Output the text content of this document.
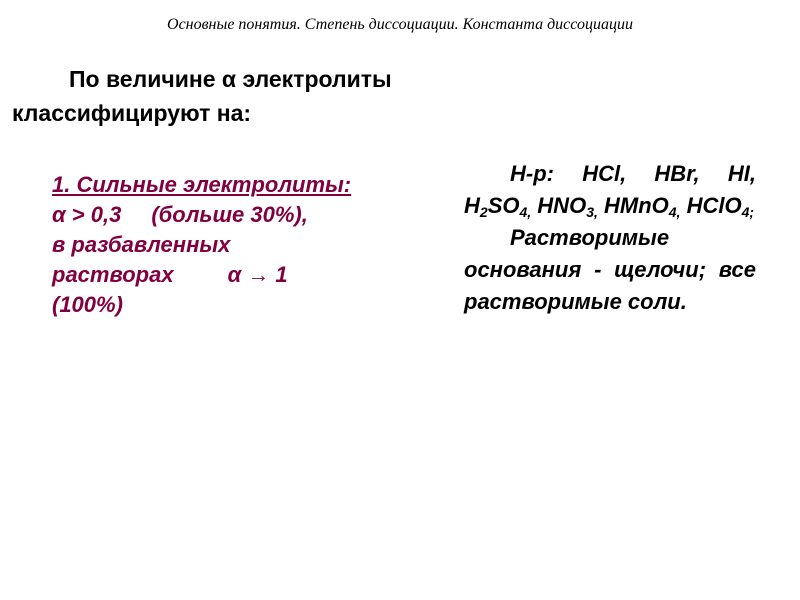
Основные понятия. Степень диссоциации. Константа диссоциации

По величине α электролиты классифицируют на:

1. Сильные электролиты:
α > 0,3 (больше 30%),
в разбавленных
растворах α → 1
(100%)

Н-р: HCl, HBr, HI, $H_2SO_{4,}$ $HNO_{3,}$ HMnO$_{4,}$ HClO$_{4;}$

Растворимые основания - щелочи; все растворимые соли.
